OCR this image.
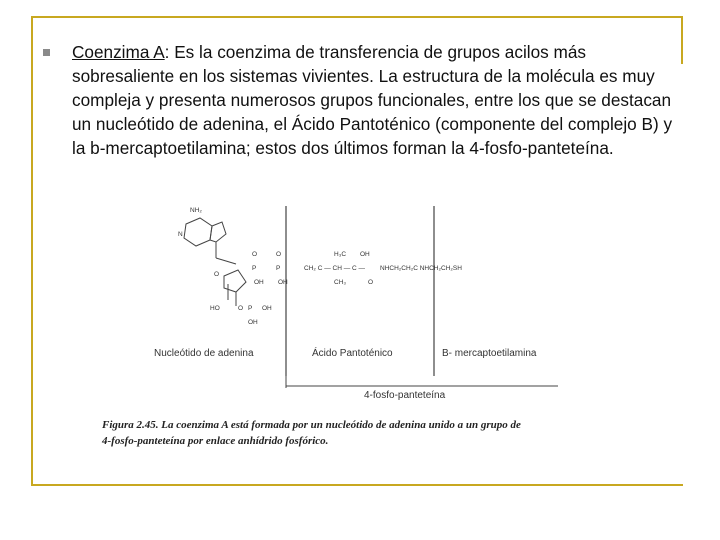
Coenzima A: Es la coenzima de transferencia de grupos acilos más sobresaliente en los sistemas vivientes. La estructura de la molécula es muy compleja y presenta numerosos grupos funcionales, entre los que se destacan un nucleótido de adenina, el Ácido Pantoténico (componente del complejo B) y la b-mercaptoetilamina; estos dos últimos forman la 4-fosfo-panteteína.
NH₂
N
O
HO
O
P
OH
O
P
OH
O P OH
OH
H₃C OH
CH₂ C — CH — C —
CH₃	O
NHCH₂CH₂C NHCH₂CH₂SH
Nucleótido de adenina	Ácido Pantoténico	B- mercaptoetilamina
4-fosfo-panteteína
Figura 2.45. La coenzima A está formada por un nucleótido de adenina unido a un grupo de
4-fosfo-panteteína por enlace anhídrido fosfórico.
